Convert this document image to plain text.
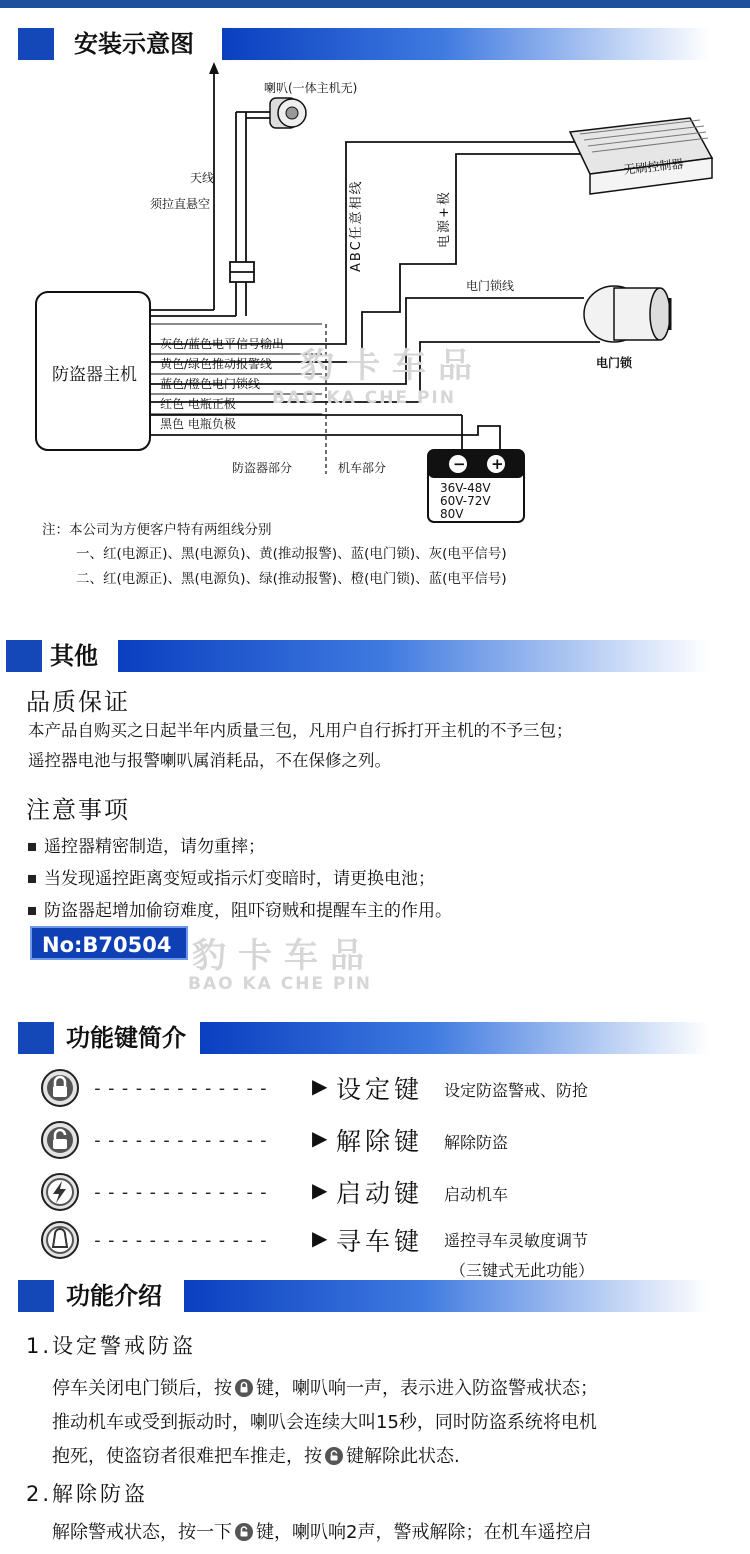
安装示意图
防盗器主机
喇叭(一体主机无)
天线
须拉直悬空	ABC任意相线	电源+极
无刷控制器
电门锁线
电门锁
灰色/蓝色电平信号输出
黄色/绿色推动报警线
蓝色/橙色电门锁线
红色 电瓶正极
黑色 电瓶负极
防盗器部分	机车部分	− +
36V-48V
60V-72V
80V
豹卡车品
BAO KA CHE PIN
注：本公司为方便客户特有两组线分别
一、红(电源正)、黑(电源负)、黄(推动报警)、蓝(电门锁)、灰(电平信号)
二、红(电源正)、黑(电源负)、绿(推动报警)、橙(电门锁)、蓝(电平信号)
其他
品质保证
本产品自购买之日起半年内质量三包，凡用户自行拆打开主机的不予三包；
遥控器电池与报警喇叭属消耗品，不在保修之列。
注意事项
遥控器精密制造，请勿重摔；
当发现遥控距离变短或指示灯变暗时，请更换电池；
防盗器起增加偷窃难度，阻吓窃贼和提醒车主的作用。
No:B70504 豹卡车品
BAO KA CHE PIN
功能键简介
------------- ▶ 设定键 设定防盗警戒、防抢
------------- ▶ 解除键 解除防盗
------------- ▶ 启动键 启动机车
------------- ▶ 寻车键 遥控寻车灵敏度调节
（三键式无此功能）
功能介绍
1.设定警戒防盗
停车关闭电门锁后，按 键，喇叭响一声，表示进入防盗警戒状态；
推动机车或受到振动时，喇叭会连续大叫15秒，同时防盗系统将电机
抱死，使盗窃者很难把车推走，按 键解除此状态.
2.解除防盗
解除警戒状态，按一下 键，喇叭响2声，警戒解除；在机车遥控启
